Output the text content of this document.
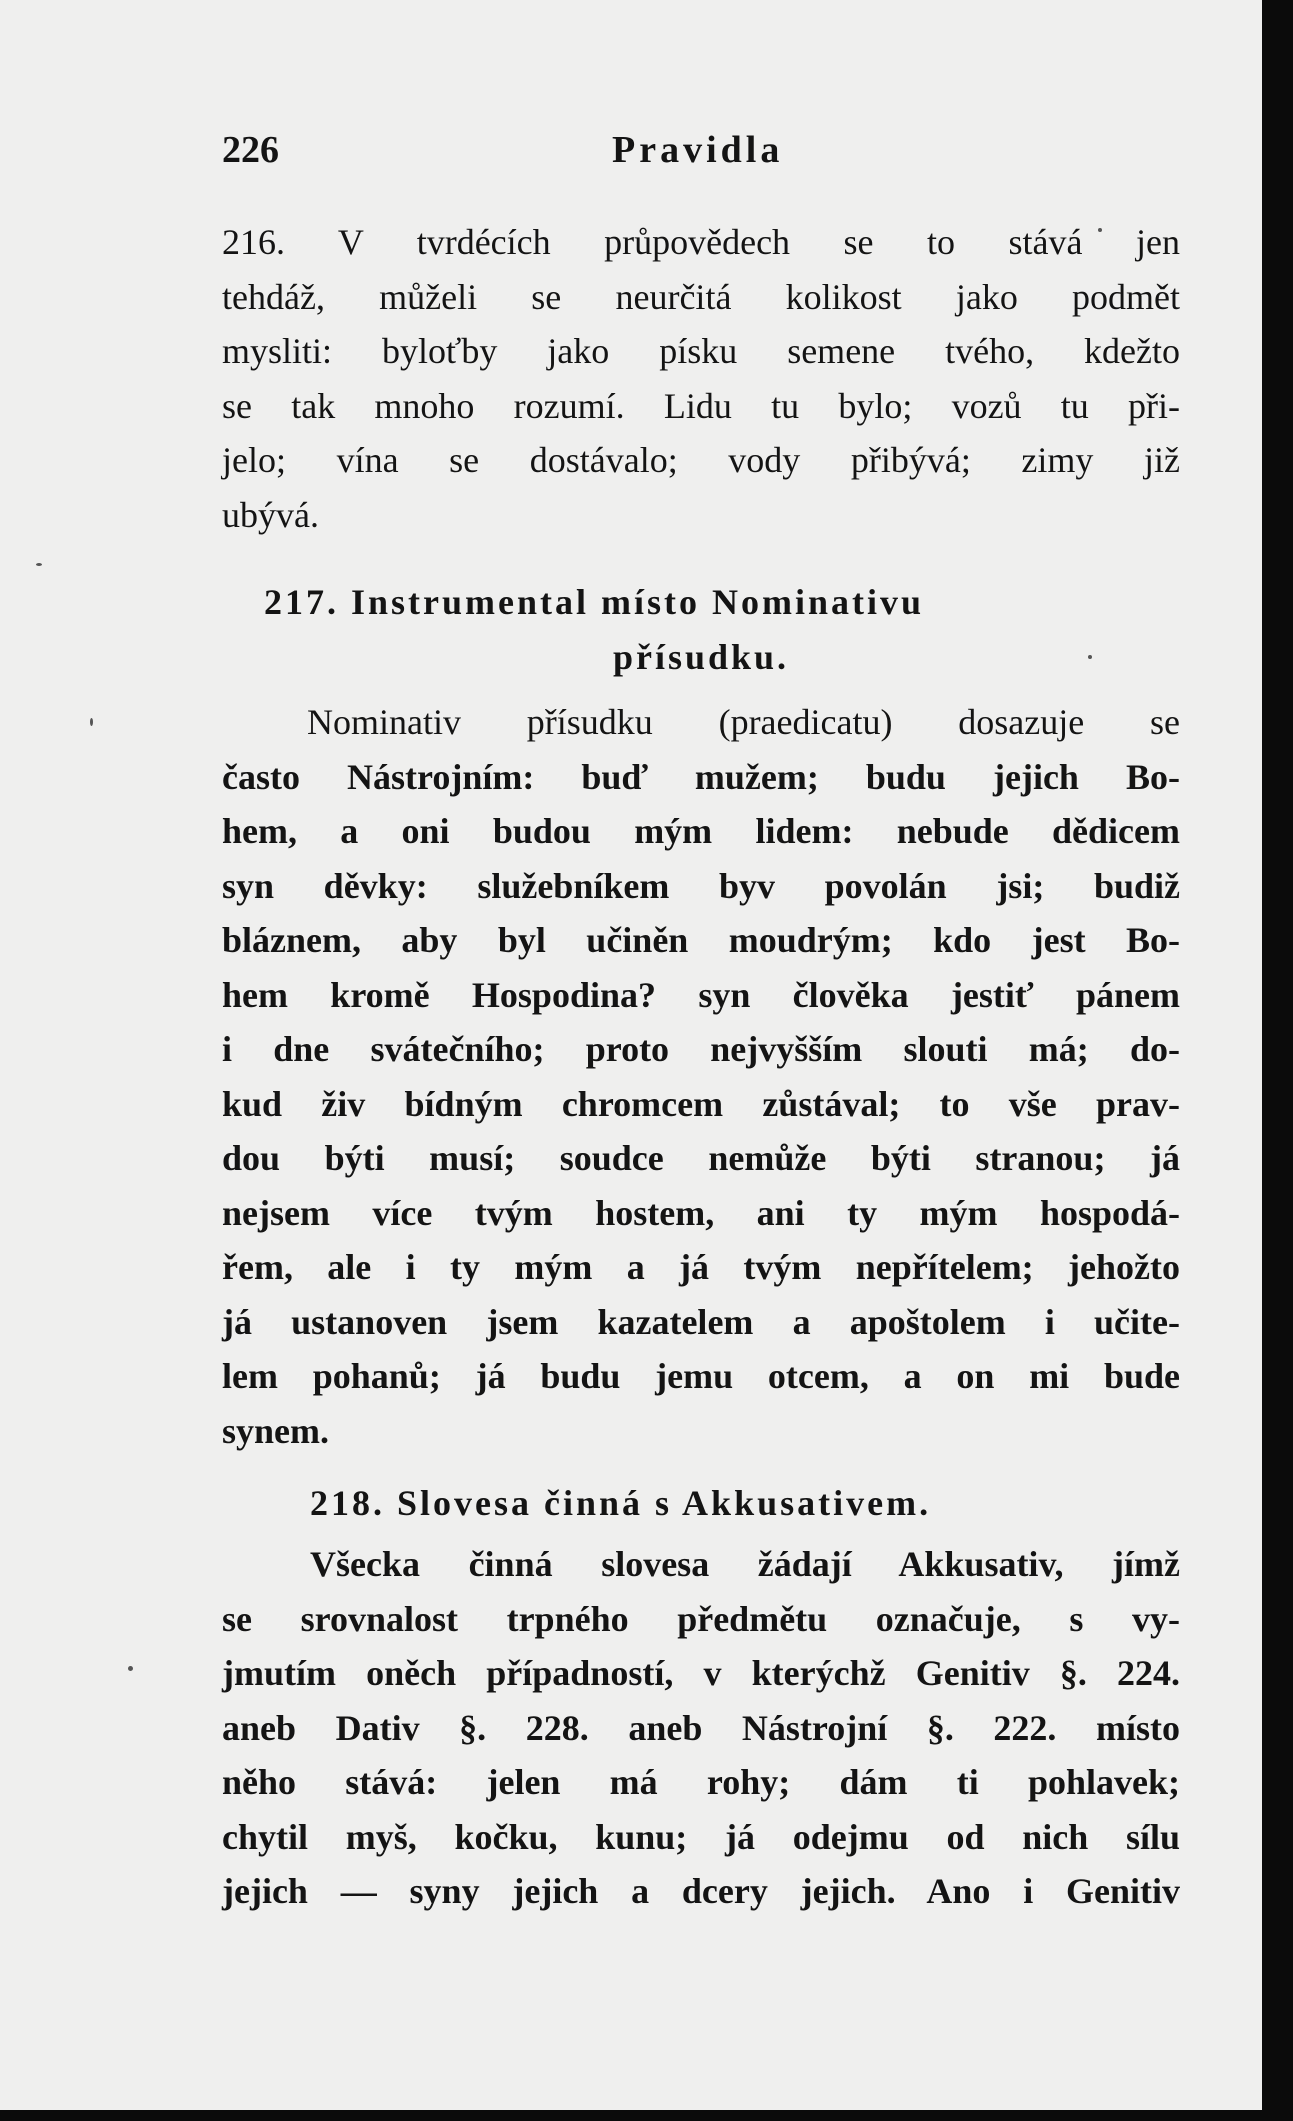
226	Pravidla

216. V tvrdécích průpovědech se to stává jen
tehdáž, můželi se neurčitá kolikost jako podmět
mysliti: byloťby jako písku semene tvého, kdežto
se tak mnoho rozumí. Lidu tu bylo; vozů tu při-
jelo; vína se dostávalo; vody přibývá; zimy již
ubývá.

217. Instrumental místo Nominativu
přísudku.

Nominativ přísudku (praedicatu) dosazuje se
často Nástrojním: buď mužem; budu jejich Bo-
hem, a oni budou mým lidem: nebude dědicem
syn děvky: služebníkem byv povolán jsi; budiž
bláznem, aby byl učiněn moudrým; kdo jest Bo-
hem kromě Hospodina? syn člověka jestiť pánem
i dne svátečního; proto nejvyšším slouti má; do-
kud živ bídným chromcem zůstával; to vše prav-
dou býti musí; soudce nemůže býti stranou; já
nejsem více tvým hostem, ani ty mým hospodá-
řem, ale i ty mým a já tvým nepřítelem; jehožto
já ustanoven jsem kazatelem a apoštolem i učite-
lem pohanů; já budu jemu otcem, a on mi bude
synem.

218. Slovesa činná s Akkusativem.

Všecka činná slovesa žádají Akkusativ, jímž
se srovnalost trpného předmětu označuje, s vy-
jmutím oněch případností, v kterýchž Genitiv §. 224.
aneb Dativ §. 228. aneb Nástrojní §. 222. místo
něho stává: jelen má rohy; dám ti pohlavek;
chytil myš, kočku, kunu; já odejmu od nich sílu
jejich — syny jejich a dcery jejich. Ano i Genitiv
